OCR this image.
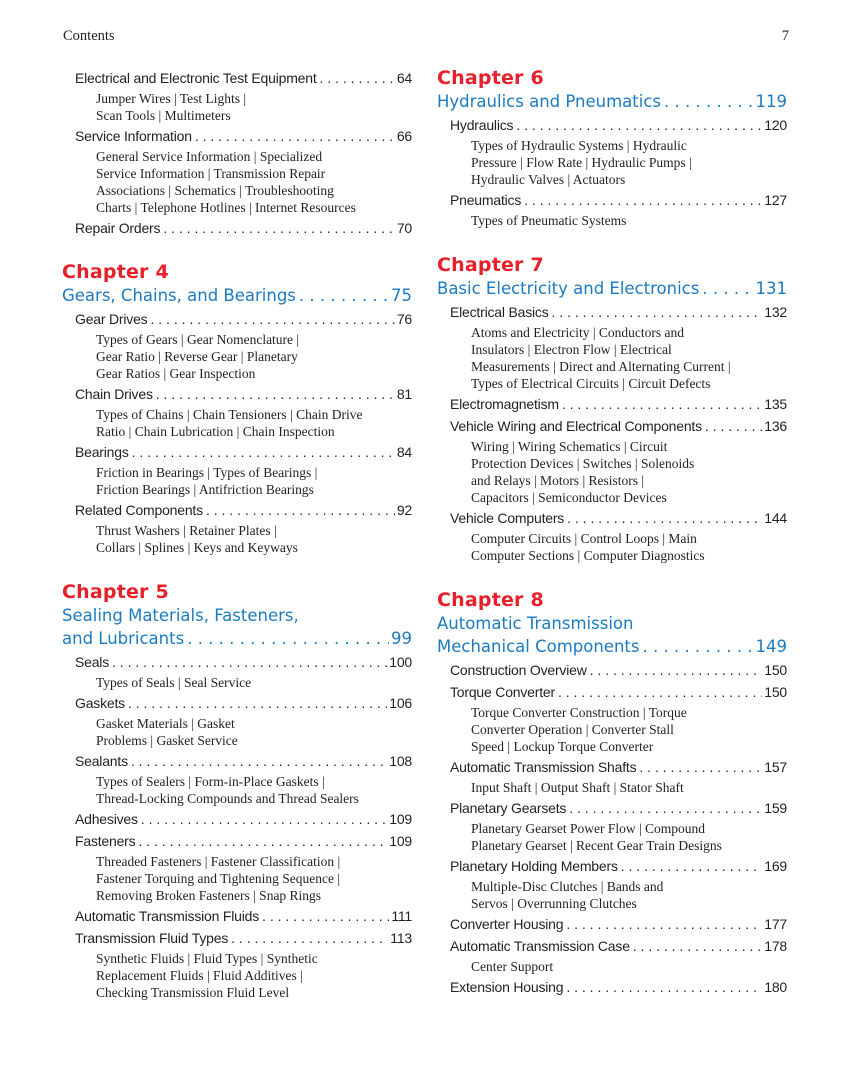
Contents	7
Electrical and Electronic Test Equipment . . .	64
Jumper Wires | Test Lights |
Scan Tools | Multimeters
Service Information . . .	66
General Service Information | Specialized
Service Information | Transmission Repair
Associations | Schematics | Troubleshooting
Charts | Telephone Hotlines | Internet Resources
Repair Orders . . .	70
Chapter 4
Gears, Chains, and Bearings . . .	75
Gear Drives . . .	76
Types of Gears | Gear Nomenclature |
Gear Ratio | Reverse Gear | Planetary
Gear Ratios | Gear Inspection
Chain Drives . . .	81
Types of Chains | Chain Tensioners | Chain Drive
Ratio | Chain Lubrication | Chain Inspection
Bearings . . .	84
Friction in Bearings | Types of Bearings |
Friction Bearings | Antifriction Bearings
Related Components . . .	92
Thrust Washers | Retainer Plates |
Collars | Splines | Keys and Keyways
Chapter 5
Sealing Materials, Fasteners,
and Lubricants . . .	99
Seals . . .	100
Types of Seals | Seal Service
Gaskets . . .	106
Gasket Materials | Gasket
Problems | Gasket Service
Sealants . . .	108
Types of Sealers | Form-in-Place Gaskets |
Thread-Locking Compounds and Thread Sealers
Adhesives . . .	109
Fasteners . . .	109
Threaded Fasteners | Fastener Classification |
Fastener Torquing and Tightening Sequence |
Removing Broken Fasteners | Snap Rings
Automatic Transmission Fluids . . .	111
Transmission Fluid Types . . .	113
Synthetic Fluids | Fluid Types | Synthetic
Replacement Fluids | Fluid Additives |
Checking Transmission Fluid Level
Chapter 6
Hydraulics and Pneumatics . . .	119
Hydraulics . . .	120
Types of Hydraulic Systems | Hydraulic
Pressure | Flow Rate | Hydraulic Pumps |
Hydraulic Valves | Actuators
Pneumatics . . .	127
Types of Pneumatic Systems
Chapter 7
Basic Electricity and Electronics . . .	131
Electrical Basics . . .	132
Atoms and Electricity | Conductors and
Insulators | Electron Flow | Electrical
Measurements | Direct and Alternating Current |
Types of Electrical Circuits | Circuit Defects
Electromagnetism . . .	135
Vehicle Wiring and Electrical Components . . .	136
Wiring | Wiring Schematics | Circuit
Protection Devices | Switches | Solenoids
and Relays | Motors | Resistors |
Capacitors | Semiconductor Devices
Vehicle Computers . . .	144
Computer Circuits | Control Loops | Main
Computer Sections | Computer Diagnostics
Chapter 8
Automatic Transmission
Mechanical Components . . .	149
Construction Overview . . .	150
Torque Converter . . .	150
Torque Converter Construction | Torque
Converter Operation | Converter Stall
Speed | Lockup Torque Converter
Automatic Transmission Shafts . . .	157
Input Shaft | Output Shaft | Stator Shaft
Planetary Gearsets . . .	159
Planetary Gearset Power Flow | Compound
Planetary Gearset | Recent Gear Train Designs
Planetary Holding Members . . .	169
Multiple-Disc Clutches | Bands and
Servos | Overrunning Clutches
Converter Housing . . .	177
Automatic Transmission Case . . .	178
Center Support
Extension Housing . . .	180
